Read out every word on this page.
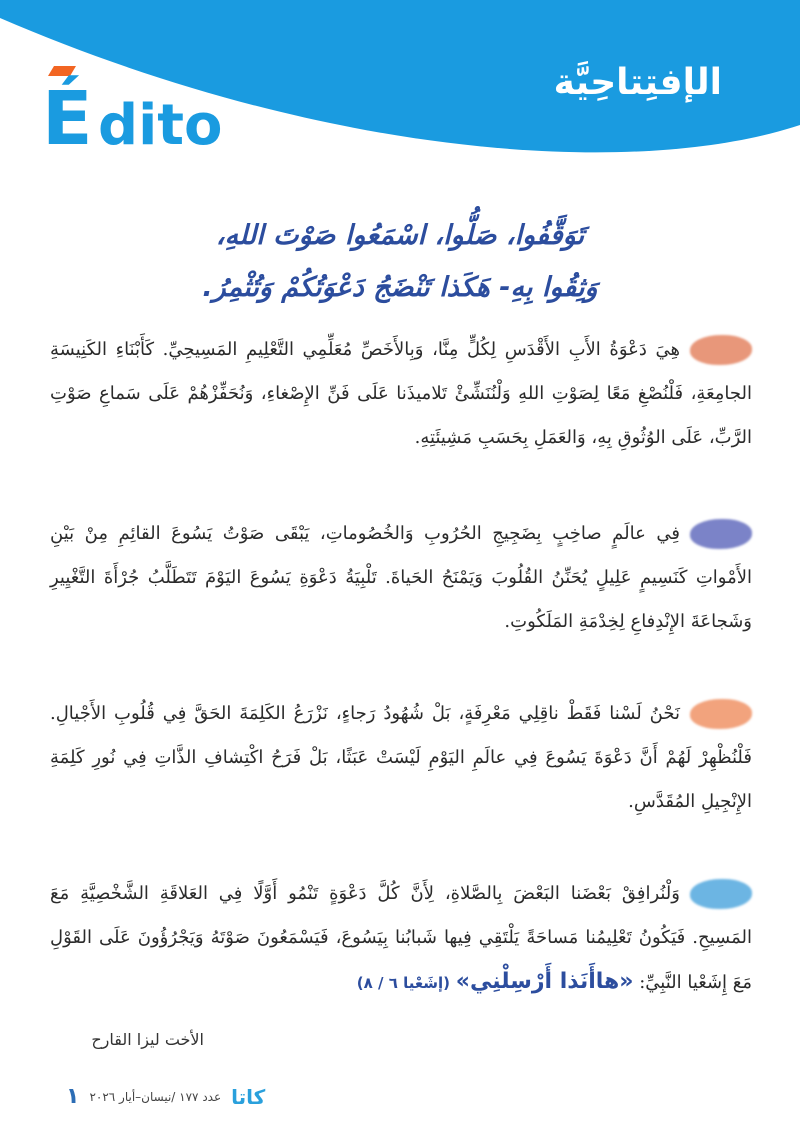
É dito
الإفتِتاحِيَّة
تَوَقَّفُوا، صَلُّوا، اسْمَعُوا صَوْتَ اللهِ،
وَثِقُوا بِهِ- هَكَذا تَنْضَجُ دَعْوَتُكُمْ وَتُثْمِرُ.
هِيَ دَعْوَةُ الأَبِ الأَقْدَسِ لِكُلٍّ مِنَّا، وَبِالأَخَصِّ مُعَلِّمِي التَّعْلِيمِ المَسِيحِيِّ. كَأَبْنَاءِ الكَنِيسَةِ الجامِعَةِ، فَلْنُصْغِ مَعًا لِصَوْتِ اللهِ وَلْنُنَشِّئْ تَلاميذَنا عَلَى فَنِّ الإِصْغاءِ، وَنُحَفِّزْهُمْ عَلَى سَماعِ صَوْتِ الرَّبِّ، عَلَى الوُثُوقِ بِهِ، وَالعَمَلِ بِحَسَبِ مَشِيئَتِهِ.
فِي عالَمٍ صاخِبٍ بِضَجِيجِ الحُرُوبِ وَالخُصُوماتِ، يَبْقَى صَوْتُ يَسُوعَ القائِمِ مِنْ بَيْنِ الأَمْواتِ كَنَسِيمٍ عَلِيلٍ يُحَنِّنُ القُلُوبَ وَيَمْنَحُ الحَياةَ. تَلْبِيَةُ دَعْوَةِ يَسُوعَ اليَوْمَ تَتَطَلَّبُ جُرْأَةَ التَّغْيِيرِ وَشَجاعَةَ الإِنْدِفاعِ لِخِدْمَةِ المَلَكُوتِ.
نَحْنُ لَسْنا فَقَطْ ناقِلِي مَعْرِفَةٍ، بَلْ شُهُودُ رَجاءٍ، نَزْرَعُ الكَلِمَةَ الحَقَّ فِي قُلُوبِ الأَجْيالِ. فَلْنُظْهِرْ لَهُمْ أَنَّ دَعْوَةَ يَسُوعَ فِي عالَمِ اليَوْمِ لَيْسَتْ عَبَثًا، بَلْ فَرَحُ اكْتِشافِ الذَّاتِ فِي نُورِ كَلِمَةِ الإِنْجِيلِ المُقَدَّسِ.
وَلْنُرافِقْ بَعْضَنا البَعْضَ بِالصَّلاةِ، لِأَنَّ كُلَّ دَعْوَةٍ تَنْمُو أَوَّلًا فِي العَلاقَةِ الشَّخْصِيَّةِ مَعَ المَسِيحِ. فَيَكُونُ تَعْلِيمُنا مَساحَةً يَلْتَقِي فِيها شَبابُنا بِيَسُوعَ، فَيَسْمَعُونَ صَوْتَهُ وَيَجْرُؤُونَ عَلَى القَوْلِ مَعَ إِشَعْيا النَّبِيِّ: «هاأَنَذا أَرْسِلْنِي» (إشَعْيا ٦ / ٨)
الأخت ليزا القارح
كاتا
عدد ١٧٧ /نيسان–أيار ٢٠٢٦
١
